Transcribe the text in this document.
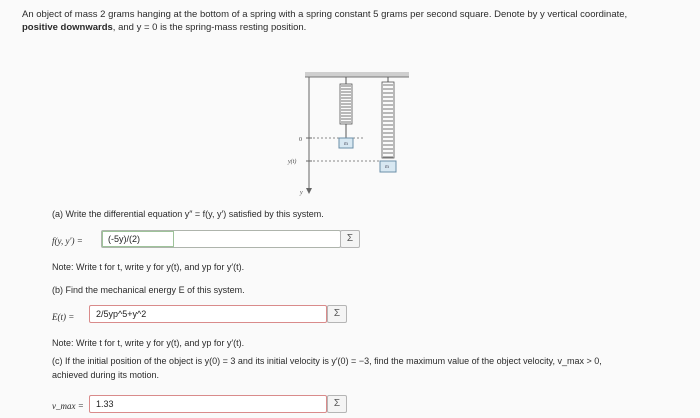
An object of mass 2 grams hanging at the bottom of a spring with a spring constant 5 grams per second square. Denote by y vertical coordinate,
positive downwards, and y = 0 is the spring-mass resting position.
0
y(t)
y
m
m
(a) Write the differential equation y″ = f(y, y′) satisfied by this system.
f(y, y′) =	(-5y)/(2)	Σ
Note: Write t for t, write y for y(t), and yp for y′(t).
(b) Find the mechanical energy E of this system.
E(t) = 2/5yp^5+y^2	Σ
Note: Write t for t, write y for y(t), and yp for y′(t).
(c) If the initial position of the object is y(0) = 3 and its initial velocity is y′(0) = −3, find the maximum value of the object velocity, v_max > 0,
achieved during its motion.
v_max = 1.33	Σ
